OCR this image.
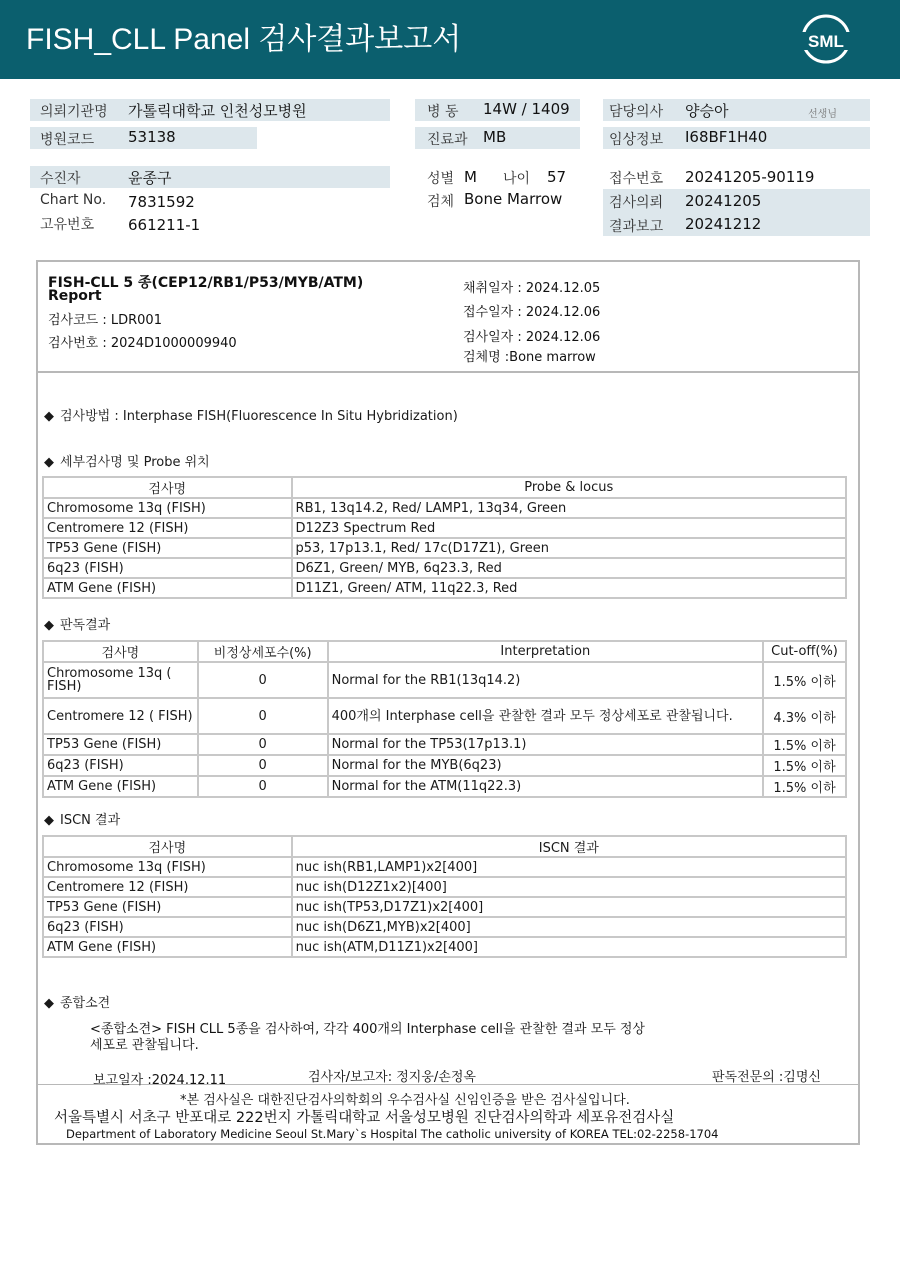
FISH_CLL Panel 검사결과보고서	SML
의뢰기관명 가톨릭대학교 인천성모병원
병원코드 53138
병 동 14W / 1409
진료과 MB
담당의사 양승아	선생님
임상정보 I68BF1H40
수진자	윤종구
Chart No. 7831592
고유번호 661211-1
성별 M 나이 57
검체 Bone Marrow
접수번호 20241205-90119
검사의뢰 20241205
결과보고 20241212
FISH-CLL 5 종(CEP12/RB1/P53/MYB/ATM)
Report
검사코드 : LDR001
검사번호 : 2024D1000009940
채취일자 : 2024.12.05
접수일자 : 2024.12.06
검사일자 : 2024.12.06
검체명 :Bone marrow
◆ 검사방법 : Interphase FISH(Fluorescence In Situ Hybridization)
◆ 세부검사명 및 Probe 위치
검사명	Probe & locus
Chromosome 13q (FISH)	RB1, 13q14.2, Red/ LAMP1, 13q34, Green
Centromere 12 (FISH)	D12Z3 Spectrum Red
TP53 Gene (FISH)	p53, 17p13.1, Red/ 17c(D17Z1), Green
6q23 (FISH)	D6Z1, Green/ MYB, 6q23.3, Red
ATM Gene (FISH)	D11Z1, Green/ ATM, 11q22.3, Red
◆ 판독결과
검사명	비정상세포수(%)	Interpretation	Cut-off(%)
Chromosome 13q ( FISH)	0	Normal for the RB1(13q14.2)	1.5% 이하
Centromere 12 ( FISH)	0	400개의 Interphase cell을 관찰한 결과 모두 정상세포로 관찰됩니다.	4.3% 이하
TP53 Gene (FISH)	0	Normal for the TP53(17p13.1)	1.5% 이하
6q23 (FISH)	0	Normal for the MYB(6q23)	1.5% 이하
ATM Gene (FISH)	0	Normal for the ATM(11q22.3)	1.5% 이하
◆ ISCN 결과
검사명	ISCN 결과
Chromosome 13q (FISH)	nuc ish(RB1,LAMP1)x2[400]
Centromere 12 (FISH)	nuc ish(D12Z1x2)[400]
TP53 Gene (FISH)	nuc ish(TP53,D17Z1)x2[400]
6q23 (FISH)	nuc ish(D6Z1,MYB)x2[400]
ATM Gene (FISH)	nuc ish(ATM,D11Z1)x2[400]
◆ 종합소견
<종합소견> FISH CLL 5종을 검사하여, 각각 400개의 Interphase cell을 관찰한 결과 모두 정상
세포로 관찰됩니다.
보고일자 :2024.12.11	검사자/보고자: 정지웅/손정옥	판독전문의 :김명신
*본 검사실은 대한진단검사의학회의 우수검사실 신임인증을 받은 검사실입니다.
서울특별시 서초구 반포대로 222번지 가톨릭대학교 서울성모병원 진단검사의학과 세포유전검사실
Department of Laboratory Medicine Seoul St.Mary`s Hospital The catholic university of KOREA TEL:02-2258-1704
